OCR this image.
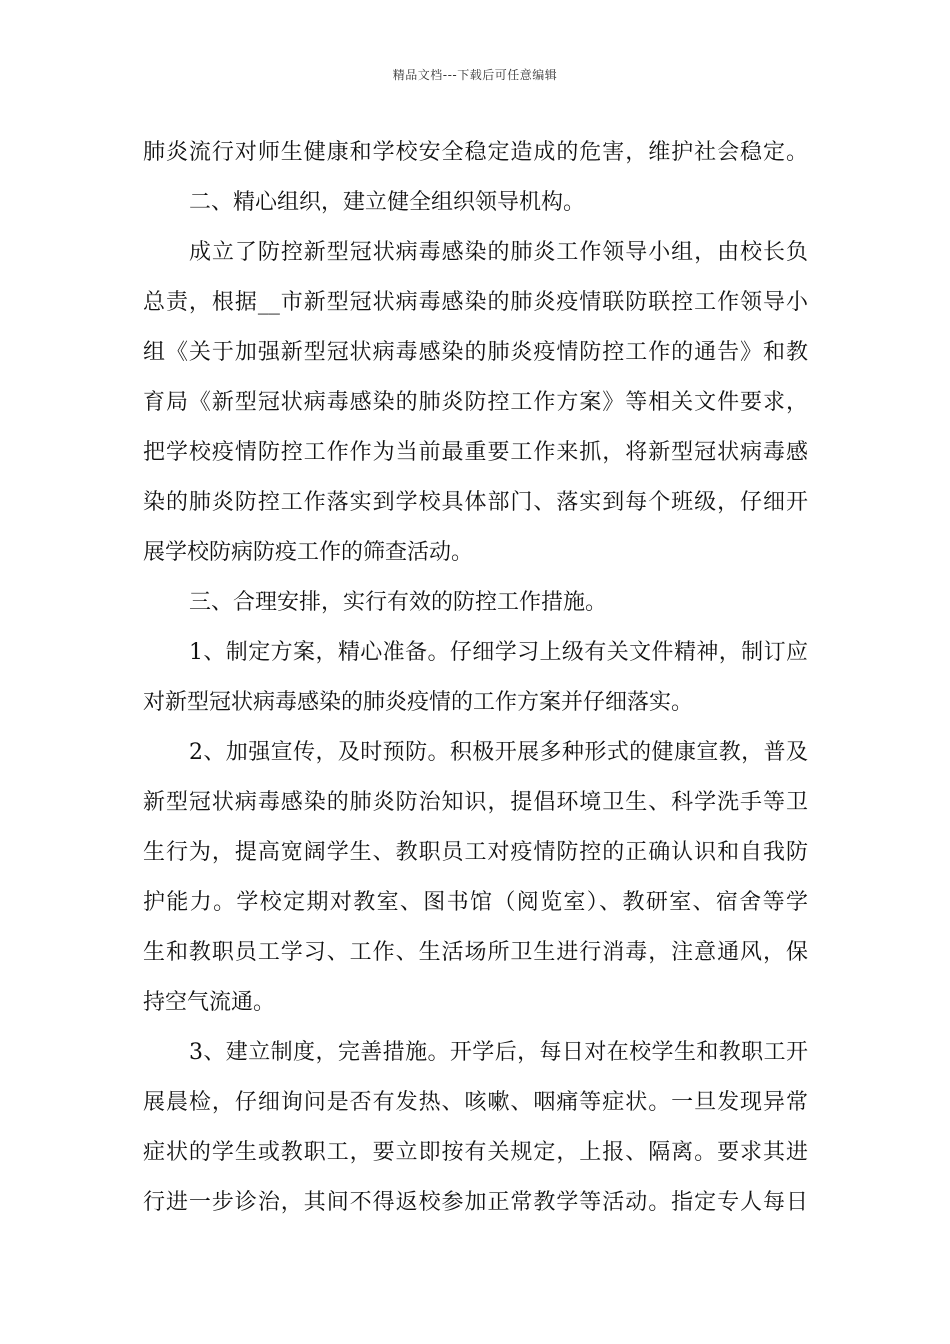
精品文档---下载后可任意编辑
肺炎流行对师生健康和学校安全稳定造成的危害，维护社会稳定。
二、精心组织，建立健全组织领导机构。
成立了防控新型冠状病毒感染的肺炎工作领导小组，由校长负
总责，根据__市新型冠状病毒感染的肺炎疫情联防联控工作领导小
组《关于加强新型冠状病毒感染的肺炎疫情防控工作的通告》和教
育局《新型冠状病毒感染的肺炎防控工作方案》等相关文件要求，
把学校疫情防控工作作为当前最重要工作来抓，将新型冠状病毒感
染的肺炎防控工作落实到学校具体部门、落实到每个班级，仔细开
展学校防病防疫工作的筛查活动。
三、合理安排，实行有效的防控工作措施。
1、制定方案，精心准备。仔细学习上级有关文件精神，制订应
对新型冠状病毒感染的肺炎疫情的工作方案并仔细落实。
2、加强宣传，及时预防。积极开展多种形式的健康宣教，普及
新型冠状病毒感染的肺炎防治知识，提倡环境卫生、科学洗手等卫
生行为，提高宽阔学生、教职员工对疫情防控的正确认识和自我防
护能力。学校定期对教室、图书馆（阅览室）、教研室、宿舍等学
生和教职员工学习、工作、生活场所卫生进行消毒，注意通风，保
持空气流通。
3、建立制度，完善措施。开学后，每日对在校学生和教职工开
展晨检，仔细询问是否有发热、咳嗽、咽痛等症状。一旦发现异常
症状的学生或教职工，要立即按有关规定，上报、隔离。要求其进
行进一步诊治，其间不得返校参加正常教学等活动。指定专人每日
